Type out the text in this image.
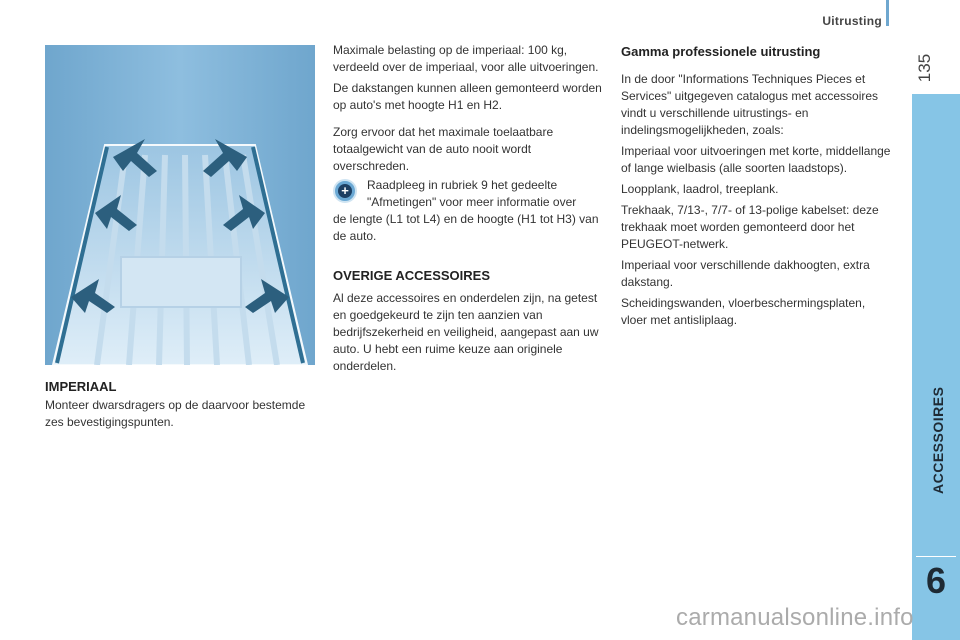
Uitrusting
135
ACCESSOIRES
6
IMPERIAAL

Monteer dwarsdragers op de daarvoor bestemde zes bevestigingspunten.

Maximale belasting op de imperiaal: 100 kg, verdeeld over de imperiaal, voor alle uitvoeringen.

De dakstangen kunnen alleen gemonteerd worden op auto's met hoogte H1 en H2.

Zorg ervoor dat het maximale toelaatbare totaalgewicht van de auto nooit wordt overschreden.

+ Raadpleeg in rubriek 9 het gedeelte "Afmetingen" voor meer informatie over

de lengte (L1 tot L4) en de hoogte (H1 tot H3) van de auto.

OVERIGE ACCESSOIRES

Al deze accessoires en onderdelen zijn, na getest en goedgekeurd te zijn ten aanzien van bedrijfszekerheid en veiligheid, aangepast aan uw auto. U hebt een ruime keuze aan originele onderdelen.

Gamma professionele uitrusting

In de door "Informations Techniques Pieces et Services" uitgegeven catalogus met accessoires vindt u verschillende uitrustings- en indelingsmogelijkheden, zoals:

Imperiaal voor uitvoeringen met korte, middellange of lange wielbasis (alle soorten laadstops).

Loopplank, laadrol, treeplank.

Trekhaak, 7/13-, 7/7- of 13-polige kabelset: deze trekhaak moet worden gemonteerd door het PEUGEOT-netwerk.

Imperiaal voor verschillende dakhoogten, extra dakstang.

Scheidingswanden, vloerbeschermingsplaten, vloer met antisliplaag.

carmanualsonline.info
